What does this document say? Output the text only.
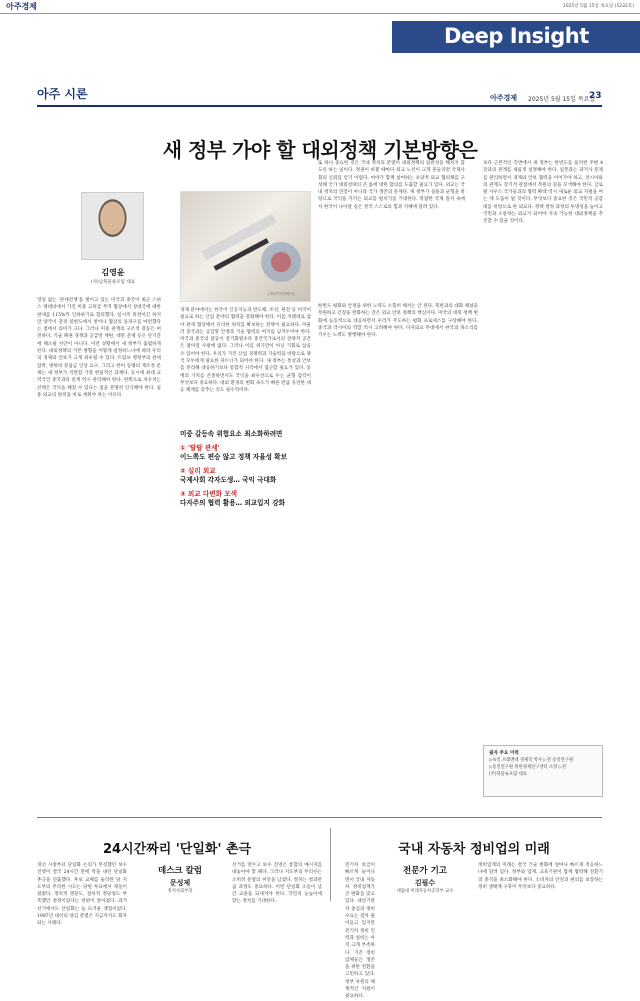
아주경제	2025년 5월 15일 목요일 (5232호)
Deep Insight
아주 시론	아주경제 2025년 5월 15일 목요일
23
새 정부 가야 할 대외정책 기본방향은
김영윤
(사)남북물류포럼 대표
영일 없는 '관세전쟁'을 벌이고 있는 미국과 중국이 최근 스위스 제네바에서 가진 미중 고위급 무역 협상에서 상대국에 대한 관세를 115%씩 인하하기로 합의했다. 일시적 휴전이긴 하지만 양국이 강경 일변도에서 벗어나 협상의 돌파구를 마련했다는 점에서 의미가 크다. 그러나 미중 관계의 구조적 갈등은 여전하다. 기술 패권 경쟁과 공급망 재편, 대만 문제 등은 단기간에 해소될 사안이 아니다. 이런 상황에서 새 정부가 출범하게 된다. 대외정책의 기본 방향을 어떻게 설정하느냐에 따라 우리의 경제와 안보가 크게 좌우될 수 있다. 트럼프 행정부의 관세 압박, 방위비 분담금 인상 요구, 그리고 한미 동맹의 재조정 문제는 새 정부가 직면할 가장 현실적인 과제다. 동시에 최대 교역국인 중국과의 관계 역시 관리해야 한다. 한쪽으로 치우치는 선택은 국익을 해칠 수 있다는 점을 분명히 인식해야 한다. 실용 외교의 원칙을 바로 세워야 하는 이유다.
[게티이미지뱅크]
경제 분야에서는 한국이 인공지능과 반도체, 조선, 원전 등 미국이 필요로 하는 산업 분야의 협력을 강화해야 한다. 이를 지렛대로 삼아 관세 협상에서 유리한 위치를 확보하는 전략이 필요하다. 아울러 중국과는 공급망 안정과 기술 협력의 여지를 남겨두어야 한다. 미국과 중국의 갈등이 장기화될수록 중간국가로서의 전략적 공간은 좁아질 수밖에 없다. 그러나 이를 위기만이 아닌 기회로 삼을 수 있어야 한다. 우리가 가진 산업 경쟁력과 기술력을 바탕으로 양국 모두에게 필요한 파트너가 되어야 한다. 새 정부는 통상과 안보를 분리해 대응하기보다 통합적 시각에서 접근할 필요가 있다. 동맹의 가치를 존중하면서도 국익을 최우선으로 두는 균형 감각이 무엇보다 중요하다. 대외 환경의 변화 속도가 빠른 만큼 유연한 대응 체계를 갖추는 것도 필수적이다.
미중 갈등속 위험요소 최소화하려면
① '탈탈 관세'
이느쪽도 편승 않고 정책 자율성 확보
② 실리 외교
국제사회 각자도생… 국익 극대화
③ 외교 다변화 모색
다자주의 협력 활용… 외교입지 강화
한반도 평화와 안정을 위한 노력도 소홀히 해서는 안 된다. 북한과의 대화 채널을 복원하고 긴장을 완화하는 것은 외교 안보 정책의 핵심이다. 미국의 대북 정책 변화에 능동적으로 대응하면서 우리가 주도하는 평화 프로세스를 구상해야 한다. 중국과 러시아의 역할 역시 고려해야 한다. 다자외교 무대에서 한국의 목소리를 키우는 노력도 병행해야 한다.
또 하나 중요한 것은 국내 정치의 분열이 대외정책의 일관성을 해치지 않도록 하는 일이다. 정권이 바뀔 때마다 외교 노선이 크게 흔들리면 국제사회의 신뢰를 얻기 어렵다. 여야가 함께 참여하는 초당적 외교 협의체를 구성해 국가 대외전략의 큰 틀에 대한 합의를 도출할 필요가 있다. 외교는 국내 정치의 연장이 아니라 국가 생존의 문제다. 새 정부가 실용과 균형을 바탕으로 국익을 지키는 외교를 펼치기를 기대한다. 복잡한 국제 질서 속에서 한국이 나아갈 길은 결국 스스로의 힘과 지혜에 달려 있다.
보다 근본적인 측면에서 새 정부는 한반도를 둘러싼 주변 4강과의 관계를 새롭게 설정해야 한다. 일본과는 과거사 문제를 관리하면서 경제와 안보 협력을 이어가야 하고, 러시아와의 관계도 장기적 관점에서 복원의 길을 모색해야 한다. 글로벌 사우스 국가들과의 협력 확대 역시 새로운 외교 지평을 여는 데 도움이 될 것이다. 무엇보다 중요한 것은 국민적 공감대를 바탕으로 한 외교다. 정책 결정 과정의 투명성을 높이고 국민과 소통하는 외교가 되어야 지속 가능한 대외정책을 추진할 수 있을 것이다.
필자 주요 이력
▷독일 브레멘대 경제학 박사 ▷전 통일연구원
▷통일연구원 북한경제연구센터 소장 ▷전
(주)북물류포럼 대표
24시간짜리 '단일화' 촌극	국내 자동차 정비업의 미래
경선 시절부터 단일화 논의가 무성했던 보수 진영이 결국 24시간 만에 막을 내린 단일화 촌극을 연출했다. 후보 교체를 둘러싼 당 지도부의 무리한 시도는 당원 투표에서 제동이 걸렸다. 정치적 명분도, 절차적 정당성도 부족했던 결정이었다는 비판이 쏟아졌다. 과거 선거에서도 단일화는 늘 뜨거운 쟁점이었다. 1987년 대선의 양김 분열은 지금까지도 회자되는 사례다.
데스크 칼럼
선거를 앞두고 보수 진영은 통합의 메시지를 내놓아야 할 때다. 그러나 지도부의 무리수는 오히려 분열의 씨앗을 남겼다. 정치는 결과만큼 과정도 중요하다. 이번 단일화 소동이 남긴 교훈을 되새겨야 한다. 국민의 눈높이에 맞는 정치를 기대한다.
전문가 기고
전기차 보급이 빠르게 늘어나면서 국내 자동차 정비업계가 큰 변화를 맞고 있다. 내연기관차 중심의 정비 수요는 점차 줄어들고 있지만 전기차 정비 인력과 설비는 아직 크게 부족하다. 기존 정비업체들은 생존을 위한 전환을 고민하고 있다. 정부 차원의 체계적인 지원이 필요하다.
정비업계의 미래는 결국 기술 변화에 얼마나 빠르게 적응하느냐에 달려 있다. 정부와 업계, 교육기관이 함께 협력해 전환기의 충격을 최소화해야 한다. 소비자의 안전과 편의를 보장하는 정비 생태계 구축이 무엇보다 중요하다.
문성제
정치사회부장
김필수
대림대 미래자동차공학부 교수
